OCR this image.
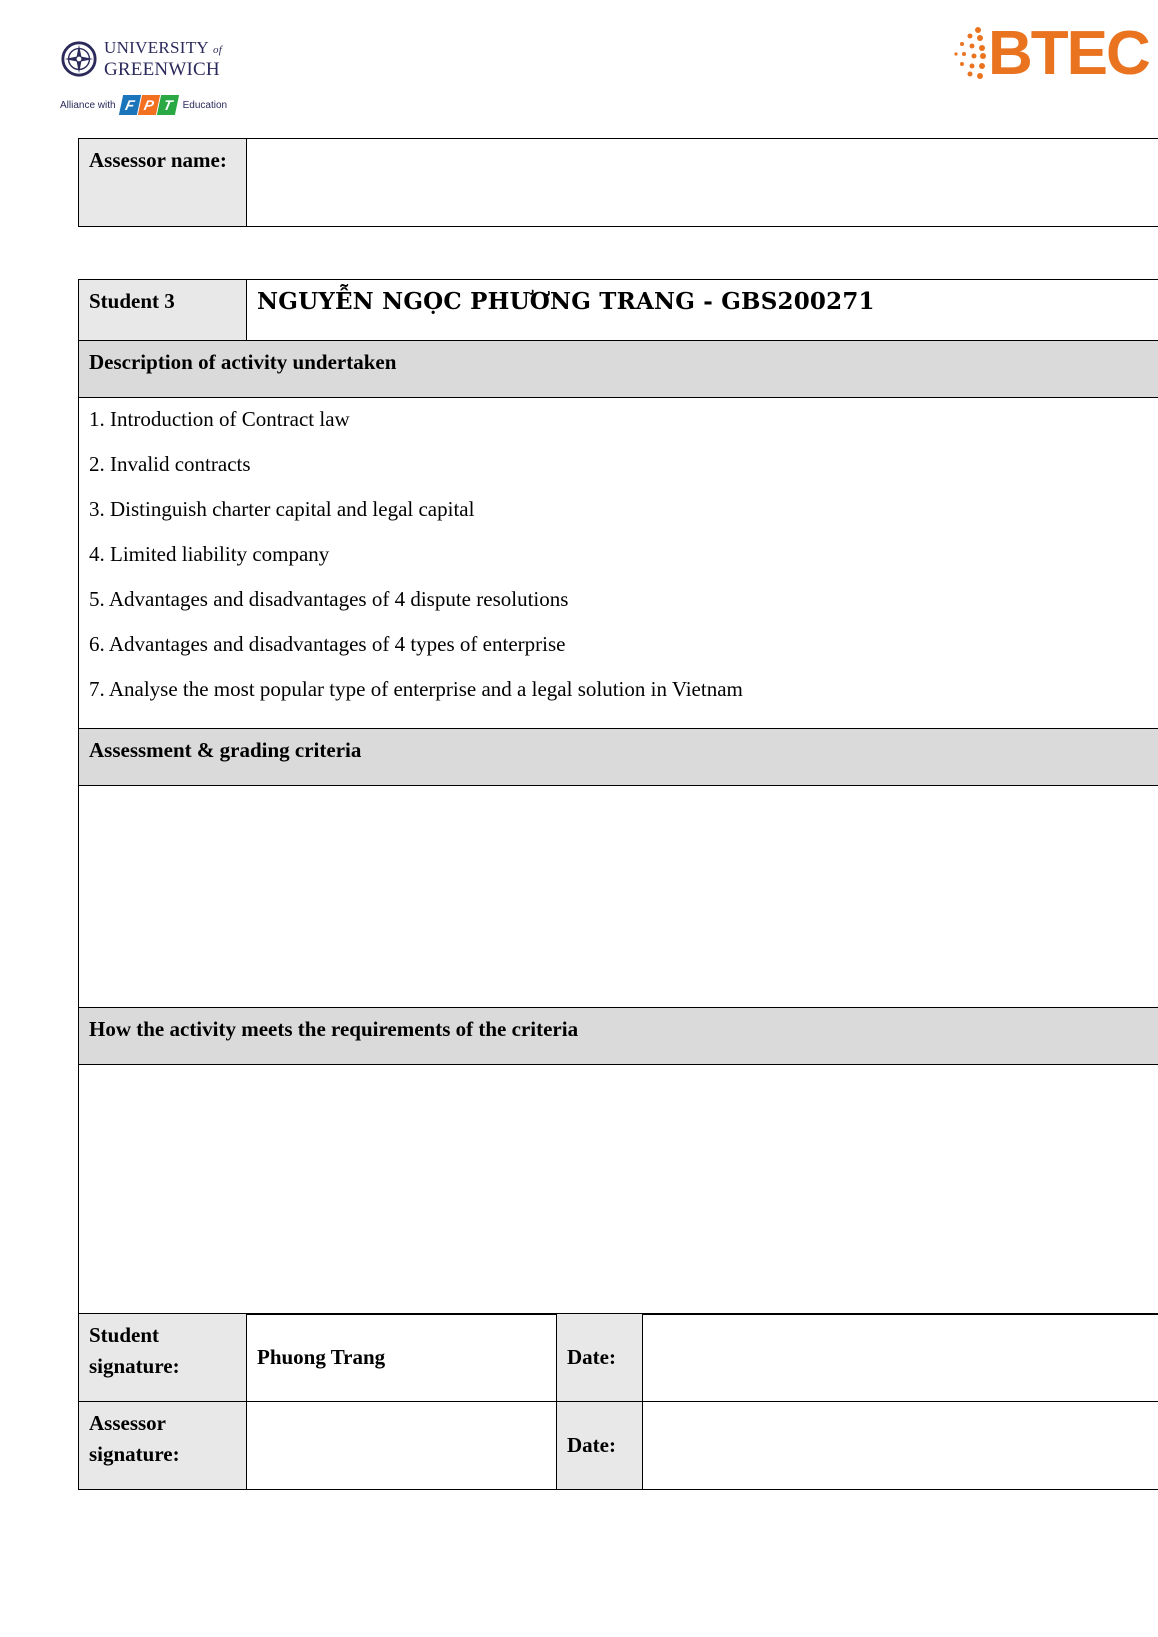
UNIVERSITY of
GREENWICH
Alliance with F P T Education
BTEC
Assessor name:	
Student 3	NGUYỄN NGỌC PHƯƠNG TRANG - GBS200271
Description of activity undertaken

1. Introduction of Contract law

2. Invalid contracts

3. Distinguish charter capital and legal capital

4. Limited liability company

5. Advantages and disadvantages of 4 dispute resolutions

6. Advantages and disadvantages of 4 types of enterprise

7. Analyse the most popular type of enterprise and a legal solution in Vietnam

Assessment & grading criteria

How the activity meets the requirements of the criteria

Student signature:	Phuong Trang	Date:	
Assessor signature:		Date:	
